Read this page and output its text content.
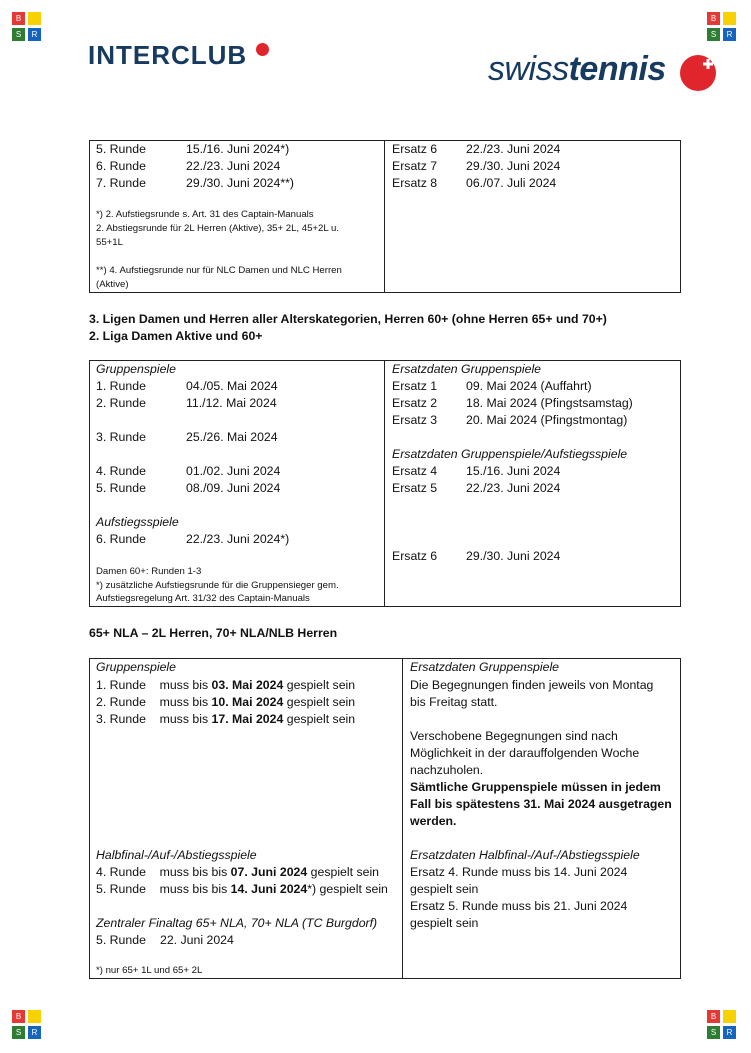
B
S	R
B
S	R
B
S	R
B
S	R
INTERCLUB	swisstennis
5. Runde	15./16. Juni 2024*)
6. Runde	22./23. Juni 2024
7. Runde	29./30. Juni 2024**)
*) 2. Aufstiegsrunde s. Art. 31 des Captain-Manuals
2. Abstiegsrunde für 2L Herren (Aktive), 35+ 2L, 45+2L u.
55+1L
**) 4. Aufstiegsrunde nur für NLC Damen und NLC Herren
(Aktive)
Ersatz 6 22./23. Juni 2024
Ersatz 7 29./30. Juni 2024
Ersatz 8 06./07. Juli 2024
3. Ligen Damen und Herren aller Alterskategorien, Herren 60+ (ohne Herren 65+ und 70+)
2. Liga Damen Aktive und 60+
Gruppenspiele
1. Runde	04./05. Mai 2024
2. Runde	11./12. Mai 2024
3. Runde	25./26. Mai 2024
4. Runde	01./02. Juni 2024
5. Runde	08./09. Juni 2024
Aufstiegsspiele
6. Runde	22./23. Juni 2024*)
Damen 60+: Runden 1-3
*) zusätzliche Aufstiegsrunde für die Gruppensieger gem.
Aufstiegsregelung Art. 31/32 des Captain-Manuals
Ersatzdaten Gruppenspiele
Ersatz 1 09. Mai 2024 (Auffahrt)
Ersatz 2 18. Mai 2024 (Pfingstsamstag)
Ersatz 3 20. Mai 2024 (Pfingstmontag)
Ersatzdaten Gruppenspiele/Aufstiegsspiele
Ersatz 4 15./16. Juni 2024
Ersatz 5 22./23. Juni 2024
Ersatz 6 29./30. Juni 2024
65+ NLA – 2L Herren, 70+ NLA/NLB Herren
Gruppenspiele
1. Runde muss bis 03. Mai 2024 gespielt sein
2. Runde muss bis 10. Mai 2024 gespielt sein
3. Runde muss bis 17. Mai 2024 gespielt sein
Halbfinal-/Auf-/Abstiegsspiele
4. Runde muss bis bis 07. Juni 2024 gespielt sein
5. Runde muss bis bis 14. Juni 2024*) gespielt sein
Zentraler Finaltag 65+ NLA, 70+ NLA (TC Burgdorf)
5. Runde 22. Juni 2024
*) nur 65+ 1L und 65+ 2L
Ersatzdaten Gruppenspiele
Die Begegnungen finden jeweils von Montag
bis Freitag statt.
Verschobene Begegnungen sind nach
Möglichkeit in der darauffolgenden Woche
nachzuholen.
Sämtliche Gruppenspiele müssen in jedem
Fall bis spätestens 31. Mai 2024 ausgetragen
werden.
Ersatzdaten Halbfinal-/Auf-/Abstiegsspiele
Ersatz 4. Runde muss bis 14. Juni 2024
gespielt sein
Ersatz 5. Runde muss bis 21. Juni 2024
gespielt sein
